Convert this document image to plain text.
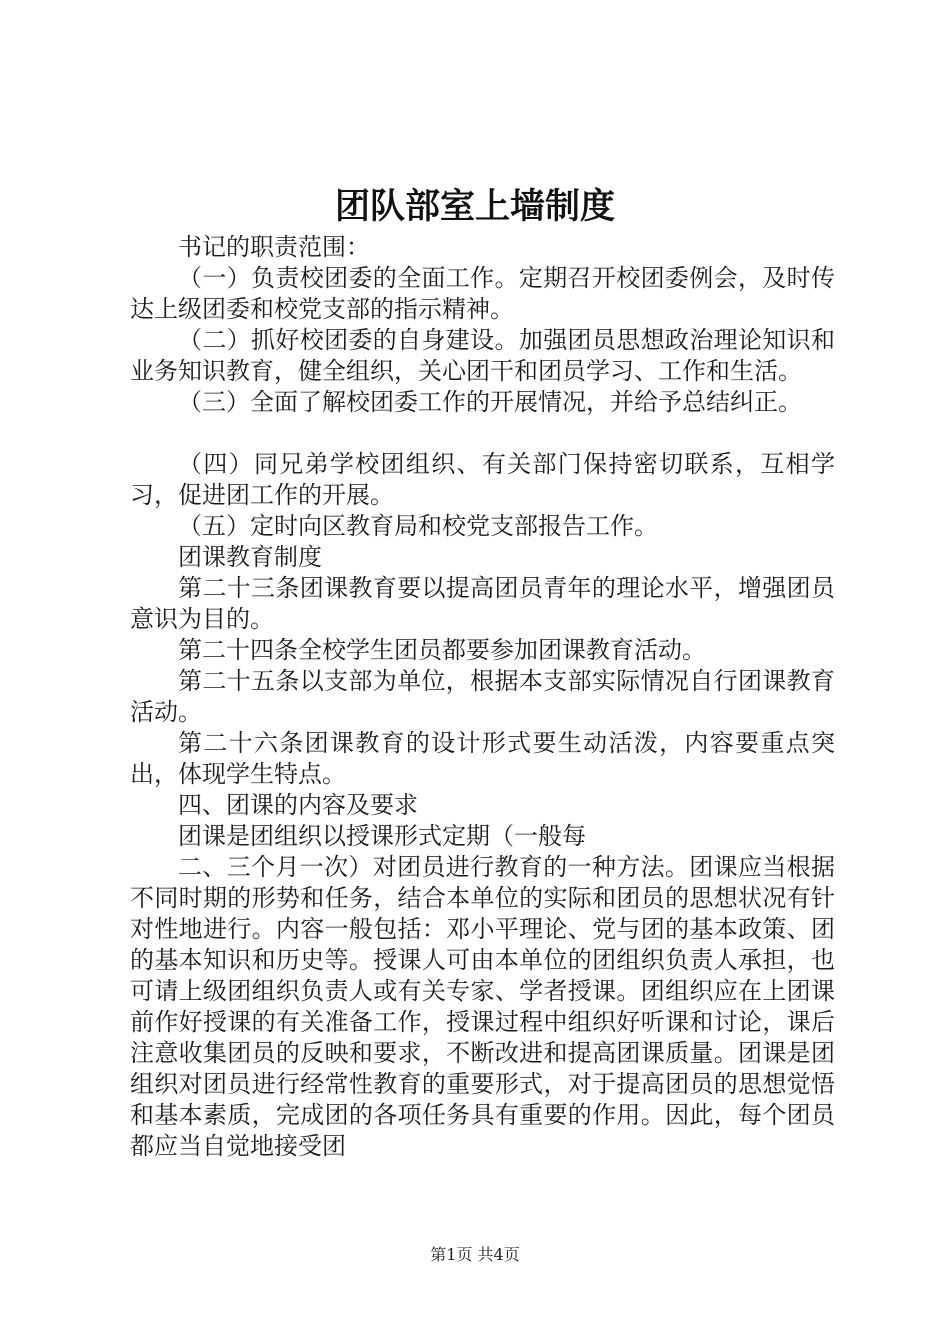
团队部室上墙制度

书记的职责范围：

（一）负责校团委的全面工作。定期召开校团委例会，及时传达上级团委和校党支部的指示精神。

（二）抓好校团委的自身建设。加强团员思想政治理论知识和业务知识教育，健全组织，关心团干和团员学习、工作和生活。

（三）全面了解校团委工作的开展情况，并给予总结纠正。

（四）同兄弟学校团组织、有关部门保持密切联系，互相学习，促进团工作的开展。

（五）定时向区教育局和校党支部报告工作。

团课教育制度

第二十三条团课教育要以提高团员青年的理论水平，增强团员意识为目的。

第二十四条全校学生团员都要参加团课教育活动。

第二十五条以支部为单位，根据本支部实际情况自行团课教育活动。

第二十六条团课教育的设计形式要生动活泼，内容要重点突出，体现学生特点。

四、团课的内容及要求

团课是团组织以授课形式定期（一般每

二、三个月一次）对团员进行教育的一种方法。团课应当根据不同时期的形势和任务，结合本单位的实际和团员的思想状况有针对性地进行。内容一般包括：邓小平理论、党与团的基本政策、团的基本知识和历史等。授课人可由本单位的团组织负责人承担，也可请上级团组织负责人或有关专家、学者授课。团组织应在上团课前作好授课的有关准备工作，授课过程中组织好听课和讨论，课后注意收集团员的反映和要求，不断改进和提高团课质量。团课是团组织对团员进行经常性教育的重要形式，对于提高团员的思想觉悟和基本素质，完成团的各项任务具有重要的作用。因此，每个团员都应当自觉地接受团

第1页 共4页
